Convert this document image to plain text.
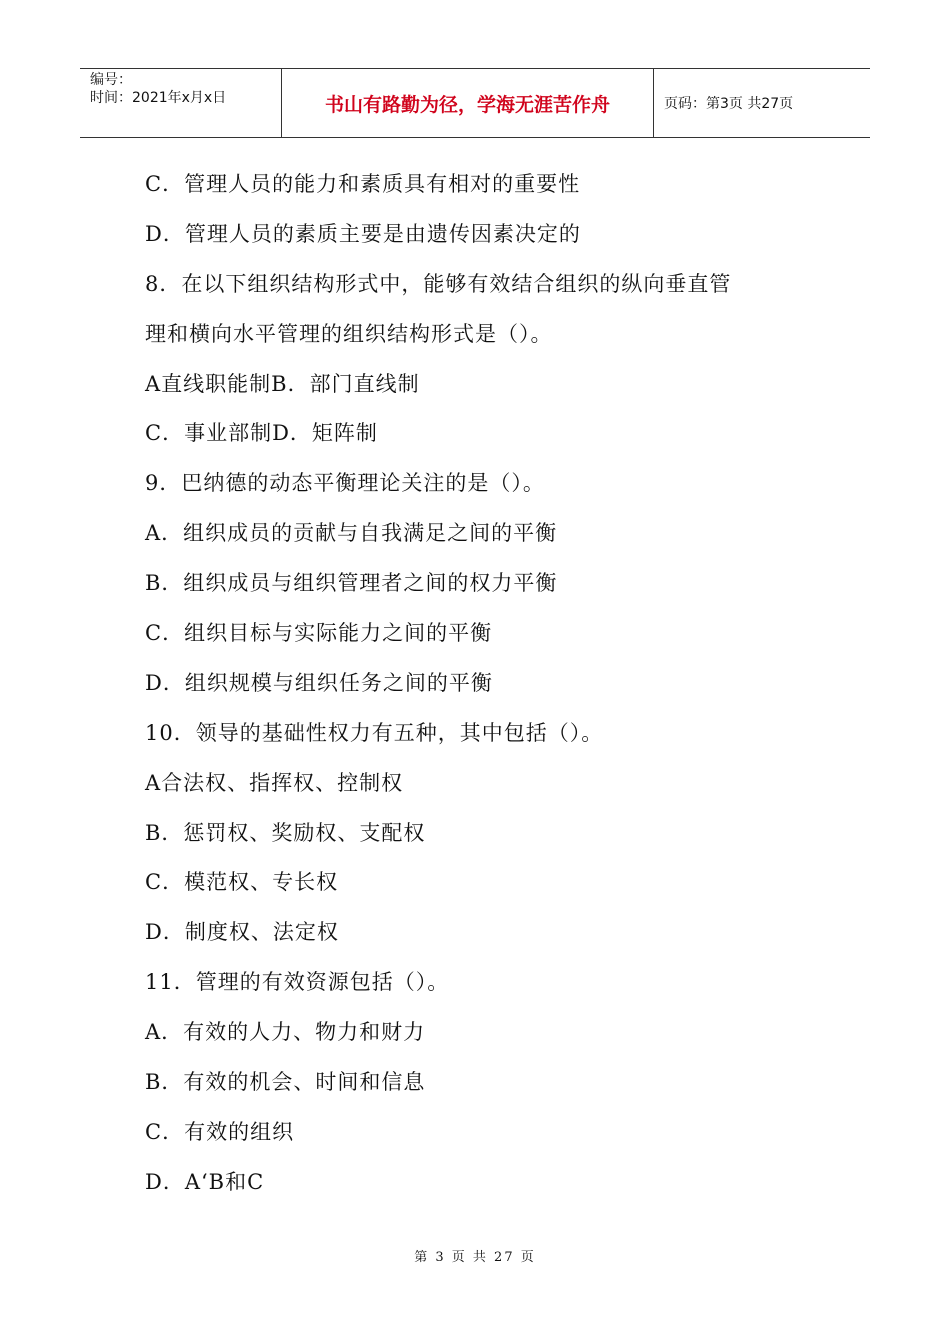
编号：
时间：2021年x月x日	书山有路勤为径，学海无涯苦作舟	页码：第3页 共27页
C．管理人员的能力和素质具有相对的重要性
D．管理人员的素质主要是由遗传因素决定的
8．在以下组织结构形式中，能够有效结合组织的纵向垂直管
理和横向水平管理的组织结构形式是（）。
A直线职能制B．部门直线制
C．事业部制D．矩阵制
9．巴纳德的动态平衡理论关注的是（）。
A．组织成员的贡献与自我满足之间的平衡
B．组织成员与组织管理者之间的权力平衡
C．组织目标与实际能力之间的平衡
D．组织规模与组织任务之间的平衡
10．领导的基础性权力有五种，其中包括（）。
A合法权、指挥权、控制权
B．惩罚权、奖励权、支配权
C．模范权、专长权
D．制度权、法定权
11．管理的有效资源包括（）。
A．有效的人力、物力和财力
B．有效的机会、时间和信息
C．有效的组织
D．A‘B和C
第 3 页 共 27 页
